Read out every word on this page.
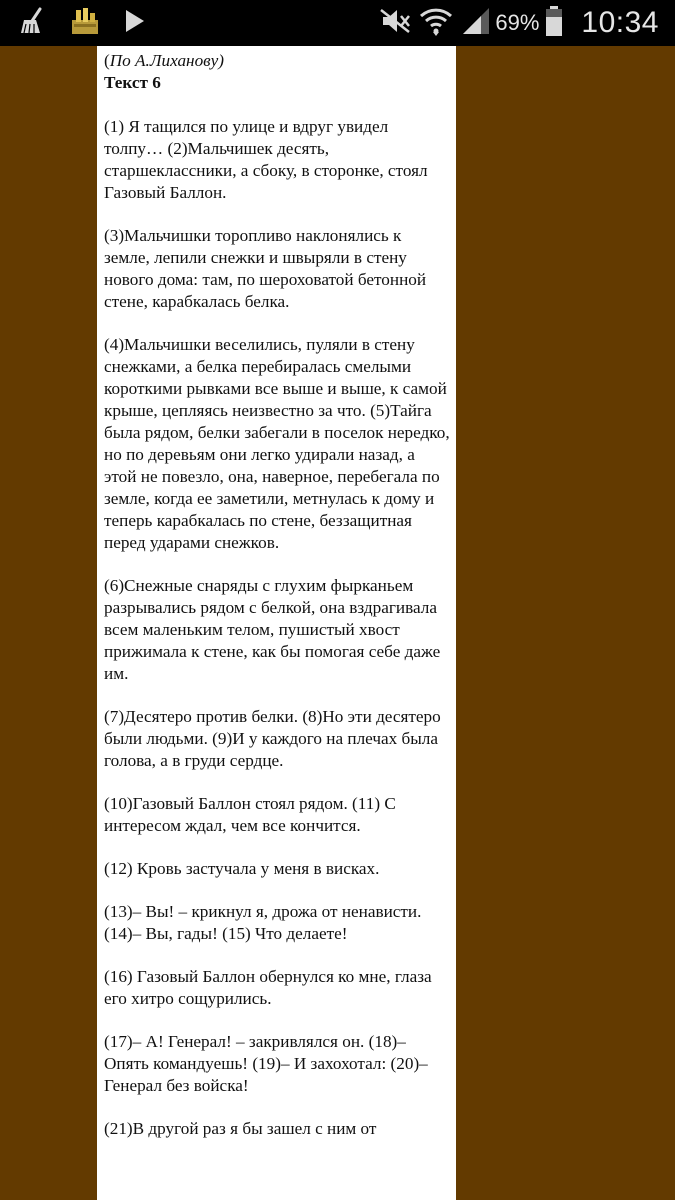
69% 10:34
(По А.Лиханову)
Текст 6

(1) Я тащился по улице и вдруг увидел толпу… (2)Мальчишек десять, старшеклассники, а сбоку, в сторонке, стоял Газовый Баллон.

(3)Мальчишки торопливо наклонялись к земле, лепили снежки и швыряли в стену нового дома: там, по шероховатой бетонной стене, карабкалась белка.

(4)Мальчишки веселились, пуляли в стену снежками, а белка перебиралась смелыми короткими рывками все выше и выше, к самой крыше, цепляясь неизвестно за что. (5)Тайга была рядом, белки забегали в поселок нередко, но по деревьям они легко удирали назад, а этой не повезло, она, наверное, перебегала по земле, когда ее заметили, метнулась к дому и теперь карабкалась по стене, беззащитная перед ударами снежков.

(6)Снежные снаряды с глухим фырканьем разрывались рядом с белкой, она вздрагивала всем маленьким телом, пушистый хвост прижимала к стене, как бы помогая себе даже им.

(7)Десятеро против белки. (8)Но эти десятеро были людьми. (9)И у каждого на плечах была голова, а в груди сердце.

(10)Газовый Баллон стоял рядом. (11) С интересом ждал, чем все кончится.

(12) Кровь застучала у меня в висках.

(13)– Вы! – крикнул я, дрожа от ненависти. (14)– Вы, гады! (15) Что делаете!

(16) Газовый Баллон обернулся ко мне, глаза его хитро сощурились.

(17)– А! Генерал! – закривлялся он. (18)– Опять командуешь! (19)– И захохотал: (20)– Генерал без войска!

(21)В другой раз я бы зашел с ним от
